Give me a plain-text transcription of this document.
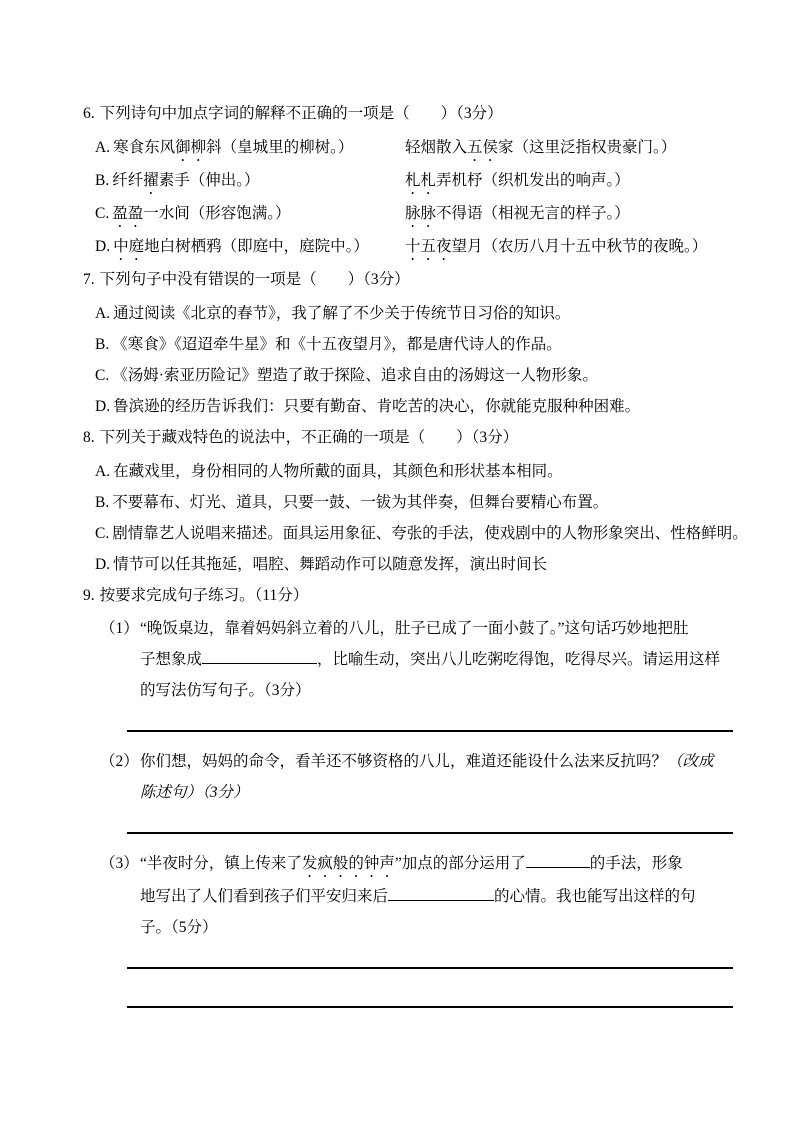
6. 下列诗句中加点字词的解释不正确的一项是（　　）（3分）
A. 寒食东风御柳斜（皇城里的柳树。）	轻烟散入五侯家（这里泛指权贵豪门。）
B. 纤纤擢素手（伸出。）	札札弄机杼（织机发出的响声。）
C. 盈盈一水间（形容饱满。）	脉脉不得语（相视无言的样子。）
D. 中庭地白树栖鸦（即庭中，庭院中。） 十五夜望月（农历八月十五中秋节的夜晚。）
7. 下列句子中没有错误的一项是（　　）（3分）
A. 通过阅读《北京的春节》，我了解了不少关于传统节日习俗的知识。
B. 《寒食》《迢迢牵牛星》和《十五夜望月》，都是唐代诗人的作品。
C. 《汤姆·索亚历险记》塑造了敢于探险、追求自由的汤姆这一人物形象。
D. 鲁滨逊的经历告诉我们：只要有勤奋、肯吃苦的决心，你就能克服种种困难。
8. 下列关于藏戏特色的说法中，不正确的一项是（　　）（3分）
A. 在藏戏里，身份相同的人物所戴的面具，其颜色和形状基本相同。
B. 不要幕布、灯光、道具，只要一鼓、一钹为其伴奏，但舞台要精心布置。
C. 剧情靠艺人说唱来描述。面具运用象征、夸张的手法，使戏剧中的人物形象突出、性格鲜明。
D. 情节可以任其拖延，唱腔、舞蹈动作可以随意发挥，演出时间长
9. 按要求完成句子练习。（11分）
（1）“晚饭桌边，靠着妈妈斜立着的八儿，肚子已成了一面小鼓了。”这句话巧妙地把肚
子想象成	，比喻生动，突出八儿吃粥吃得饱，吃得尽兴。请运用这样
的写法仿写句子。（3分）
（2）你们想，妈妈的命令，看羊还不够资格的八儿，难道还能设什么法来反抗吗？（改成
陈述句）（3分）
（3）“半夜时分，镇上传来了发疯般的钟声”加点的部分运用了	的手法，形象
地写出了人们看到孩子们平安归来后	的心情。我也能写出这样的句
子。（5分）
